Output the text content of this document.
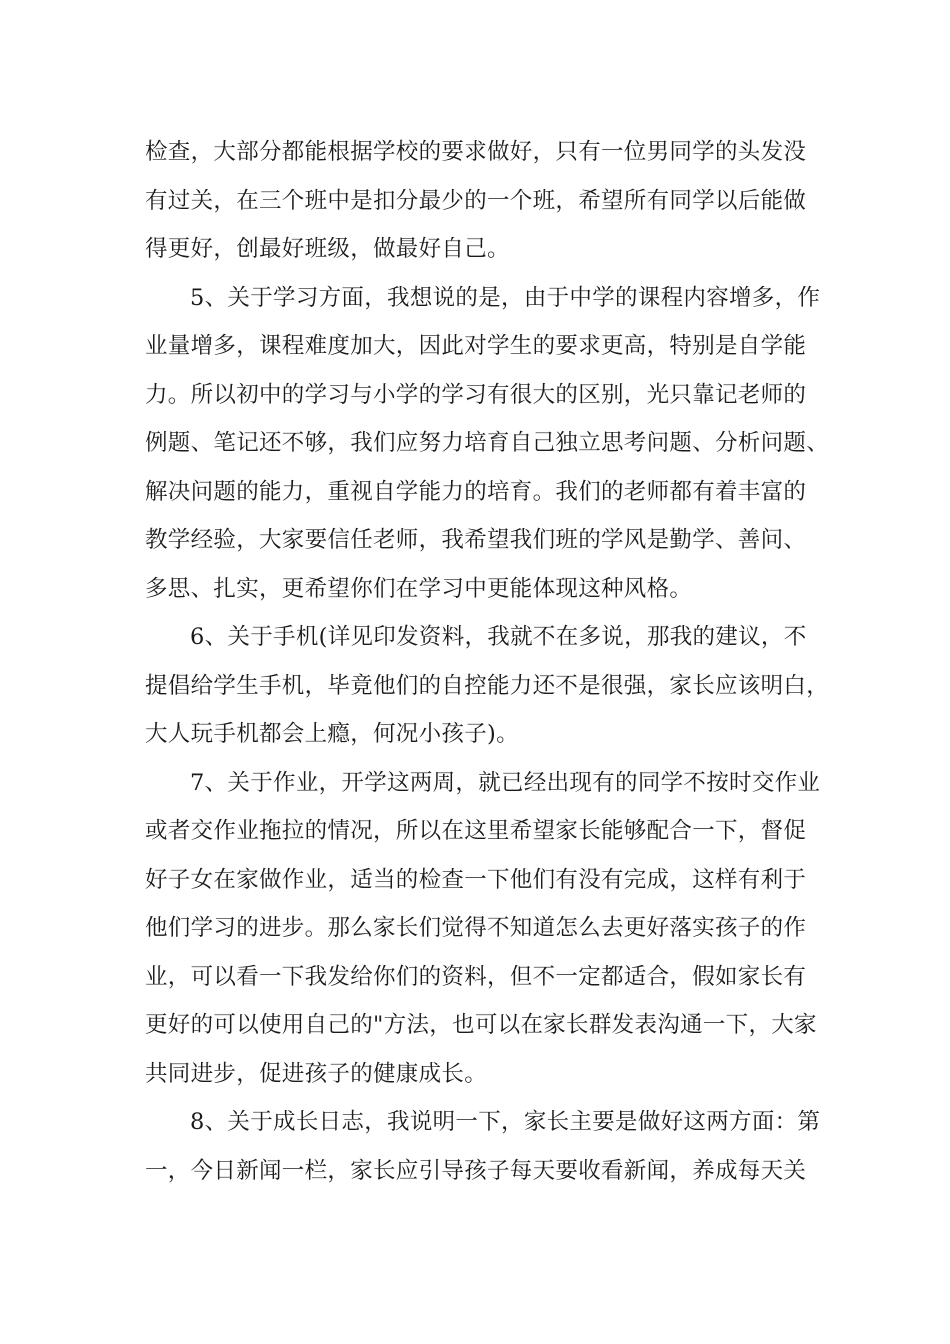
检查，大部分都能根据学校的要求做好，只有一位男同学的头发没
有过关，在三个班中是扣分最少的一个班，希望所有同学以后能做
得更好，创最好班级，做最好自己。
5、关于学习方面，我想说的是，由于中学的课程内容增多，作
业量增多，课程难度加大，因此对学生的要求更高，特别是自学能
力。所以初中的学习与小学的学习有很大的区别，光只靠记老师的
例题、笔记还不够，我们应努力培育自己独立思考问题、分析问题、
解决问题的能力，重视自学能力的培育。我们的老师都有着丰富的
教学经验，大家要信任老师，我希望我们班的学风是勤学、善问、
多思、扎实，更希望你们在学习中更能体现这种风格。
6、关于手机(详见印发资料，我就不在多说，那我的建议，不
提倡给学生手机，毕竟他们的自控能力还不是很强，家长应该明白，
大人玩手机都会上瘾，何况小孩子)。
7、关于作业，开学这两周，就已经出现有的同学不按时交作业
或者交作业拖拉的情况，所以在这里希望家长能够配合一下，督促
好子女在家做作业，适当的检查一下他们有没有完成，这样有利于
他们学习的进步。那么家长们觉得不知道怎么去更好落实孩子的作
业，可以看一下我发给你们的资料，但不一定都适合，假如家长有
更好的可以使用自己的"方法，也可以在家长群发表沟通一下，大家
共同进步，促进孩子的健康成长。
8、关于成长日志，我说明一下，家长主要是做好这两方面：第
一，今日新闻一栏，家长应引导孩子每天要收看新闻，养成每天关
